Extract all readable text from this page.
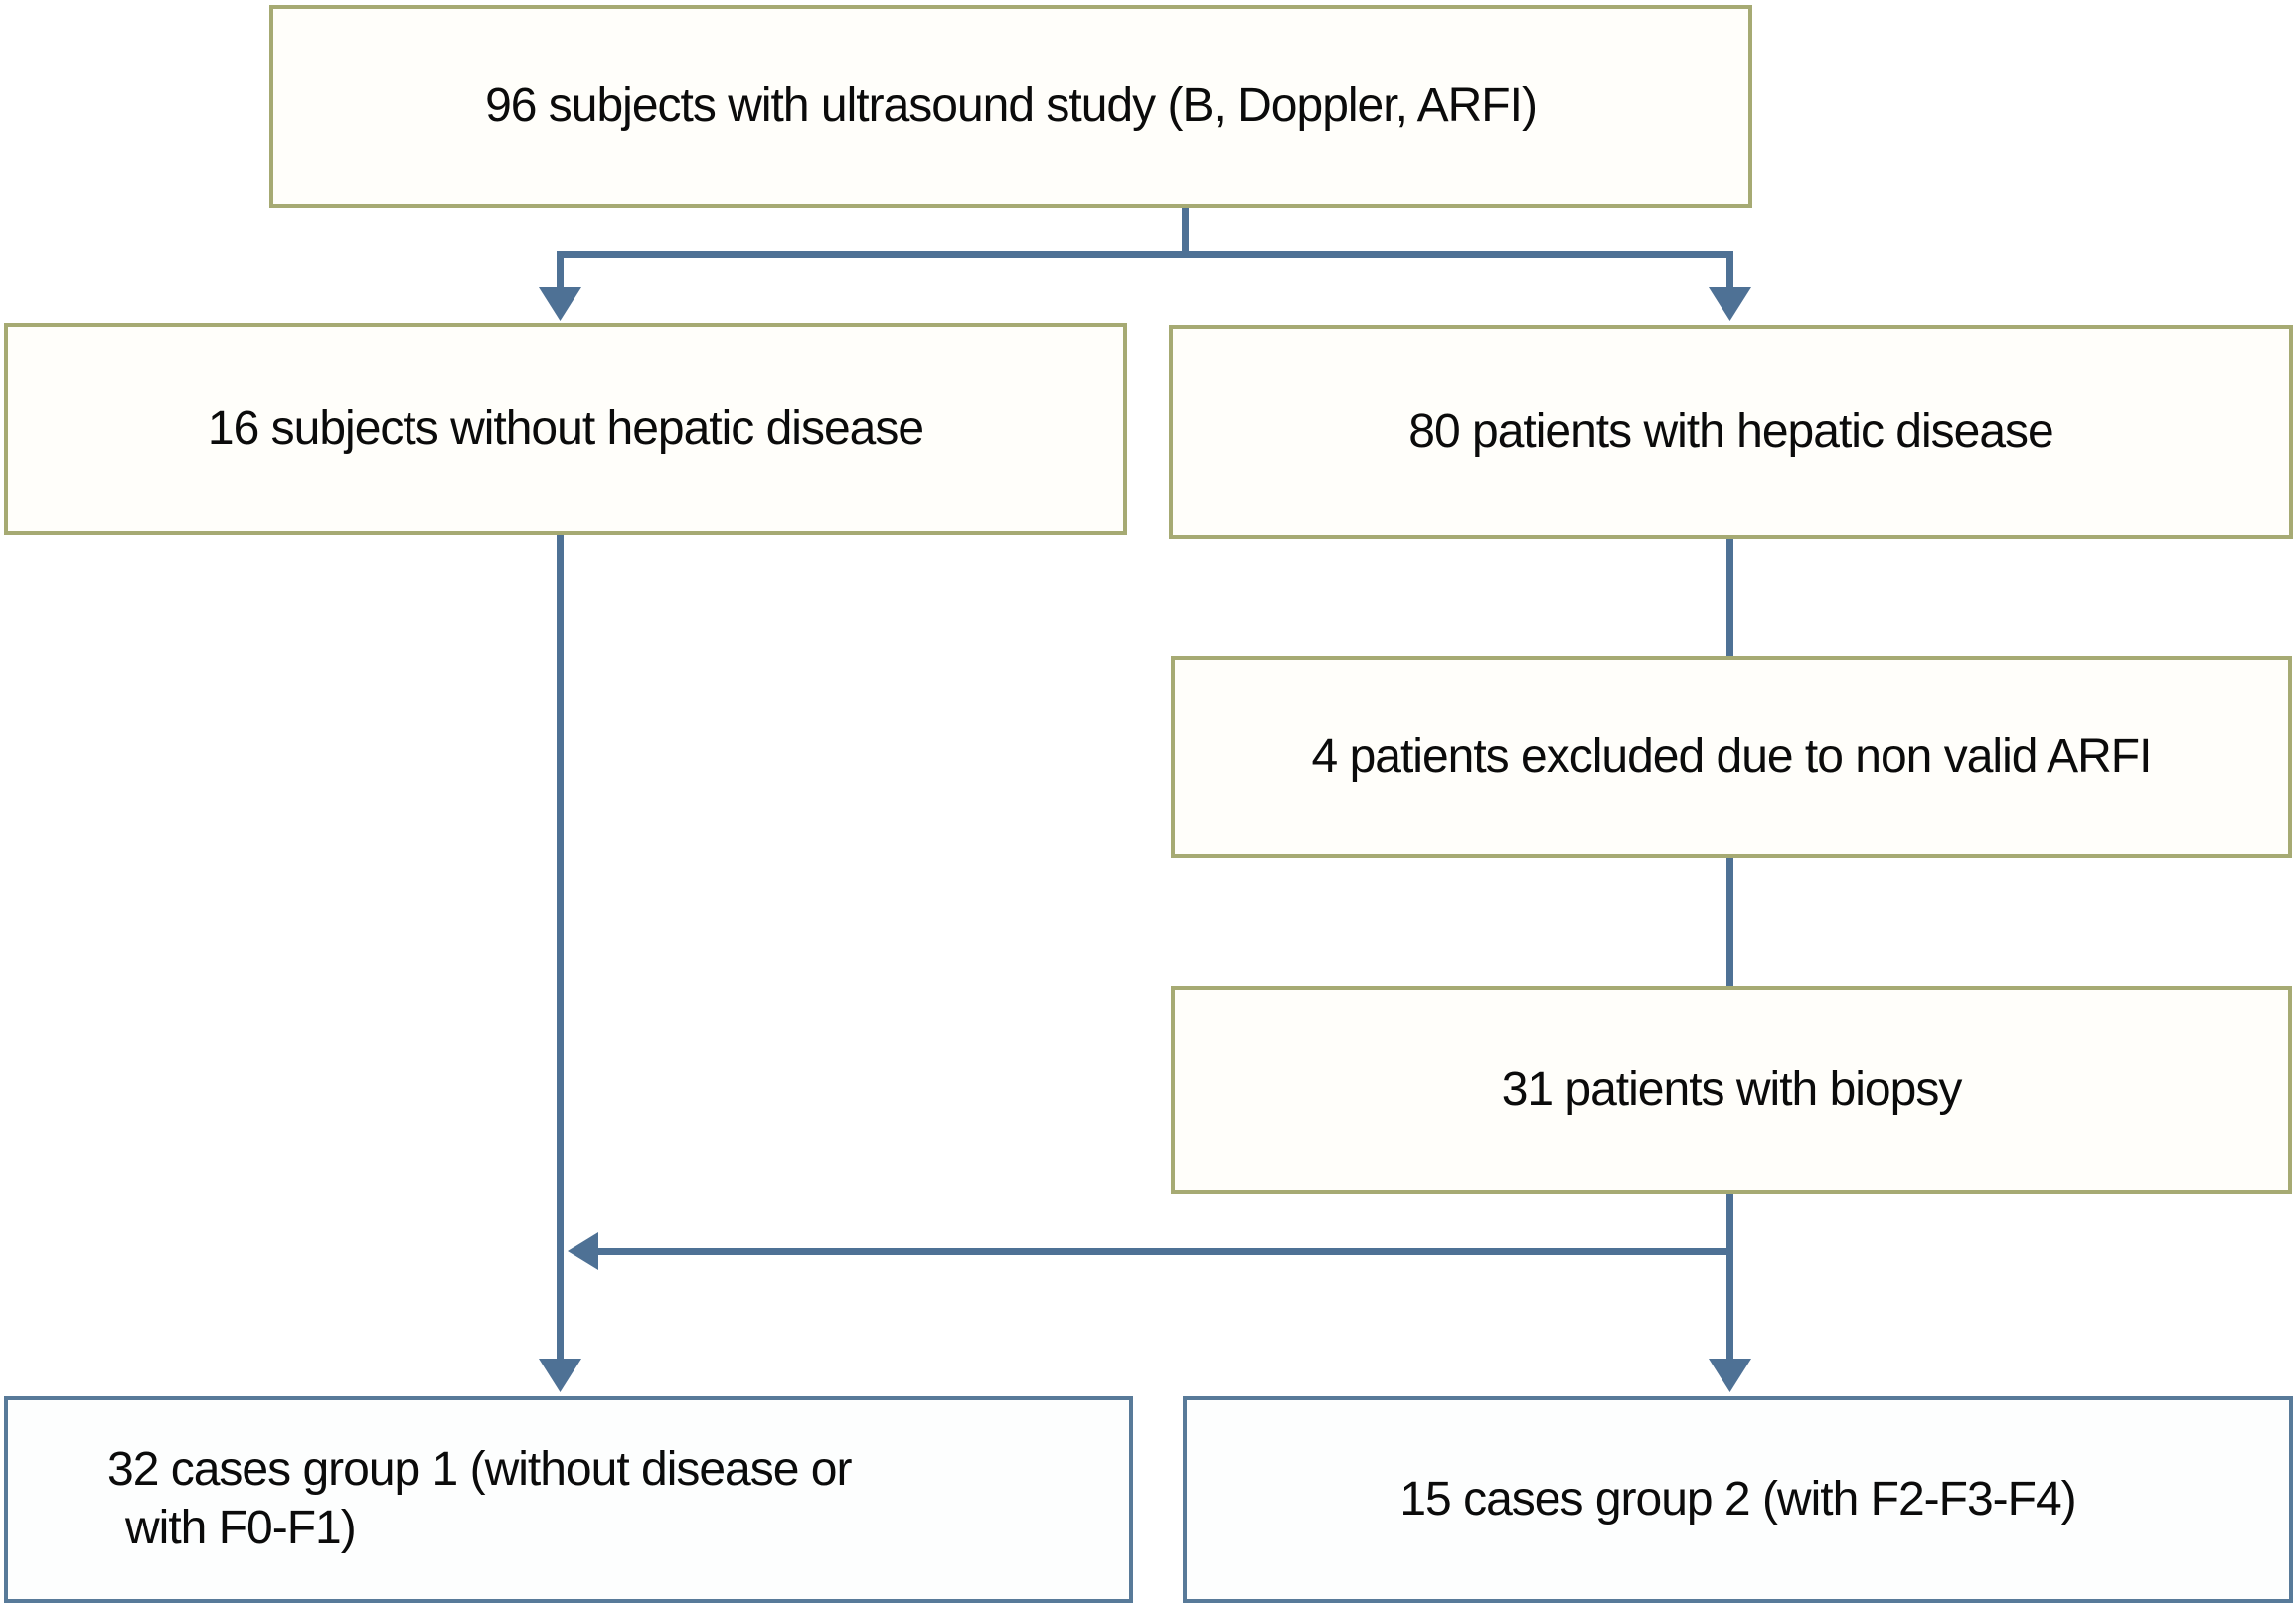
96 subjects with ultrasound study (B, Doppler, ARFI)
16 subjects without hepatic disease	80 patients with hepatic disease
4 patients excluded due to non valid ARFI
31 patients with biopsy
32 cases group 1 (without disease or
with F0-F1)
15 cases group 2 (with F2-F3-F4)
